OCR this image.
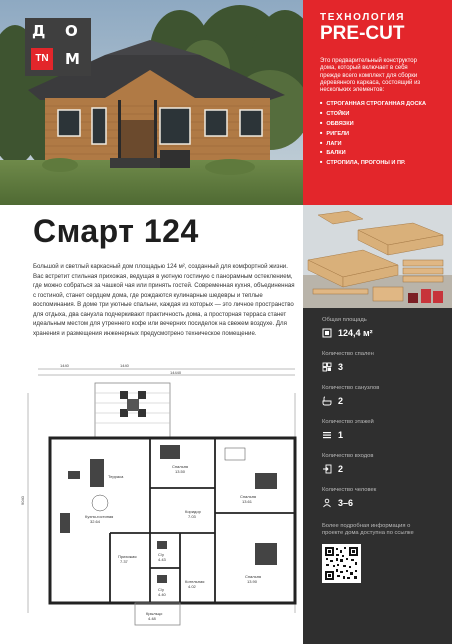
Д О
ТN М
ТЕХНОЛОГИЯ
PRE-CUT
Это предварительный конструктор дома, который включает в себя прежде всего комплект для сборки деревянного каркаса, состоящий из нескольких элементов:
■ СТРОГАННАЯ СТРОГАННАЯ ДОСКА
■ СТОЙКИ
■ ОБВЯЗКИ
■ РИГЕЛИ
■ ЛАГИ
■ БАЛКИ
■ СТРОПИЛА, ПРОГОНЫ И ПР.
Смарт 124
Большой и светлый каркасный дом площадью 124 м², созданный для комфортной жизни. Вас встретит стильная прихожая, ведущая в уютную гостиную с панорамным остеклением, где можно собраться за чашкой чая или принять гостей. Современная кухня, объединенная с гостиной, станет сердцем дома, где рождаются кулинарные шедевры и теплые воспоминания. В доме три уютные спальни, каждая из которых — это личное пространство для отдыха, два санузла подчеркивают практичность дома, а просторная терраса станет идеальным местом для утреннего кофе или вечерних посиделок на свежем воздухе. Для хранения и размещения инженерных предусмотрено техническое помещение.
1440	1440
14440
9040
Терраса
Кухня-гостиная
32.64
Спальня
13.50
Спальня
13.61
Спальня
13.90
Коридор
7.03
Прихожая
7.37
С/у
4.43
С/у
4.40
Котельная
4.02
Крыльцо
4.48
Общая площадь
124,4 м²
Количество спален
3
Количество санузлов
2
Количество этажей
1
Количество входов
2
Количество человек
3–6
Более подробная информация о проекте дома доступна по ссылке
